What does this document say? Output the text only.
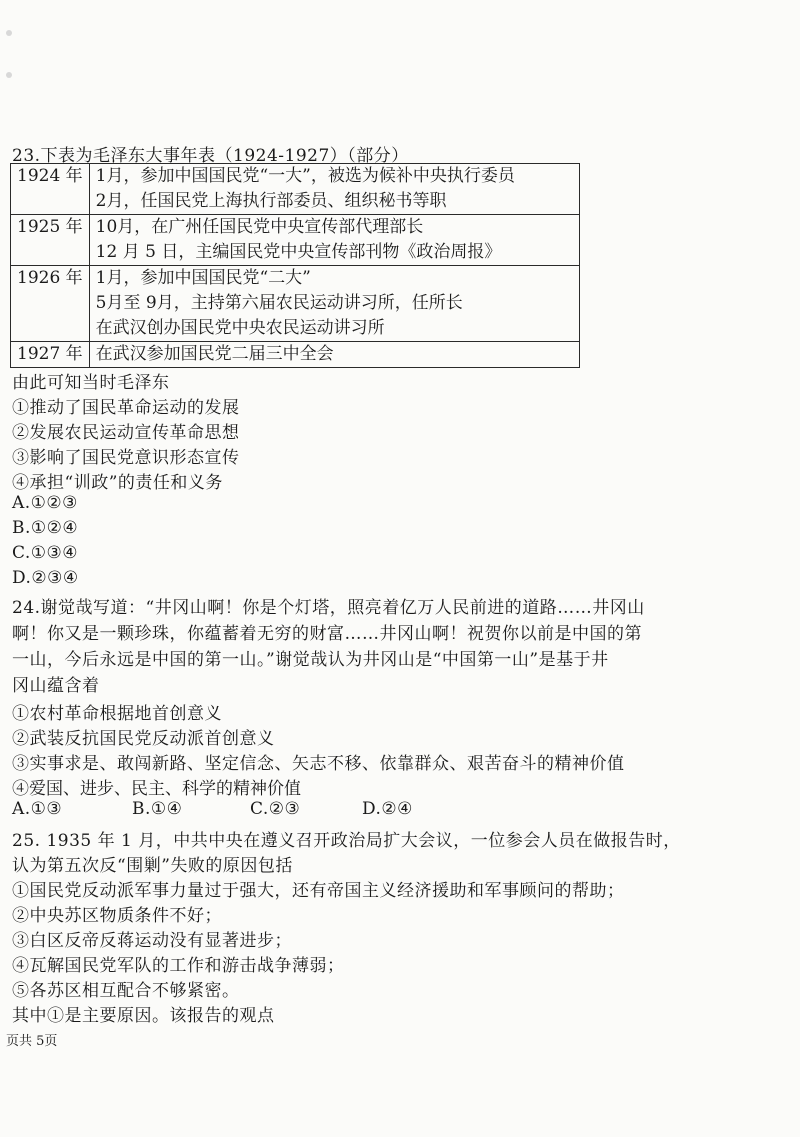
23.下表为毛泽东大事年表（1924-1927）（部分）
1924 年	1月，参加中国国民党“一大”，被选为候补中央执行委员
2月，任国民党上海执行部委员、组织秘书等职

1925 年	10月，在广州任国民党中央宣传部代理部长
12 月 5 日，主编国民党中央宣传部刊物《政治周报》

1926 年	1月，参加中国国民党“二大”
5月至 9月，主持第六届农民运动讲习所，任所长
在武汉创办国民党中央农民运动讲习所

1927 年	在武汉参加国民党二届三中全会
由此可知当时毛泽东
①推动了国民革命运动的发展
②发展农民运动宣传革命思想
③影响了国民党意识形态宣传
④承担“训政”的责任和义务
A.①②③
B.①②④
C.①③④
D.②③④
24.谢觉哉写道：“井冈山啊！你是个灯塔，照亮着亿万人民前进的道路……井冈山
啊！你又是一颗珍珠，你蕴蓄着无穷的财富……井冈山啊！祝贺你以前是中国的第
一山，今后永远是中国的第一山。”谢觉哉认为井冈山是“中国第一山”是基于井
冈山蕴含着
①农村革命根据地首创意义
②武装反抗国民党反动派首创意义
③实事求是、敢闯新路、坚定信念、矢志不移、依靠群众、艰苦奋斗的精神价值
④爱国、进步、民主、科学的精神价值
A.①③	B.①④	C.②③	D.②④
25. 1935 年 1 月，中共中央在遵义召开政治局扩大会议，一位参会人员在做报告时，
认为第五次反“围剿”失败的原因包括
①国民党反动派军事力量过于强大，还有帝国主义经济援助和军事顾问的帮助；
②中央苏区物质条件不好；
③白区反帝反蒋运动没有显著进步；
④瓦解国民党军队的工作和游击战争薄弱；
⑤各苏区相互配合不够紧密。
其中①是主要原因。该报告的观点
页共 5页
